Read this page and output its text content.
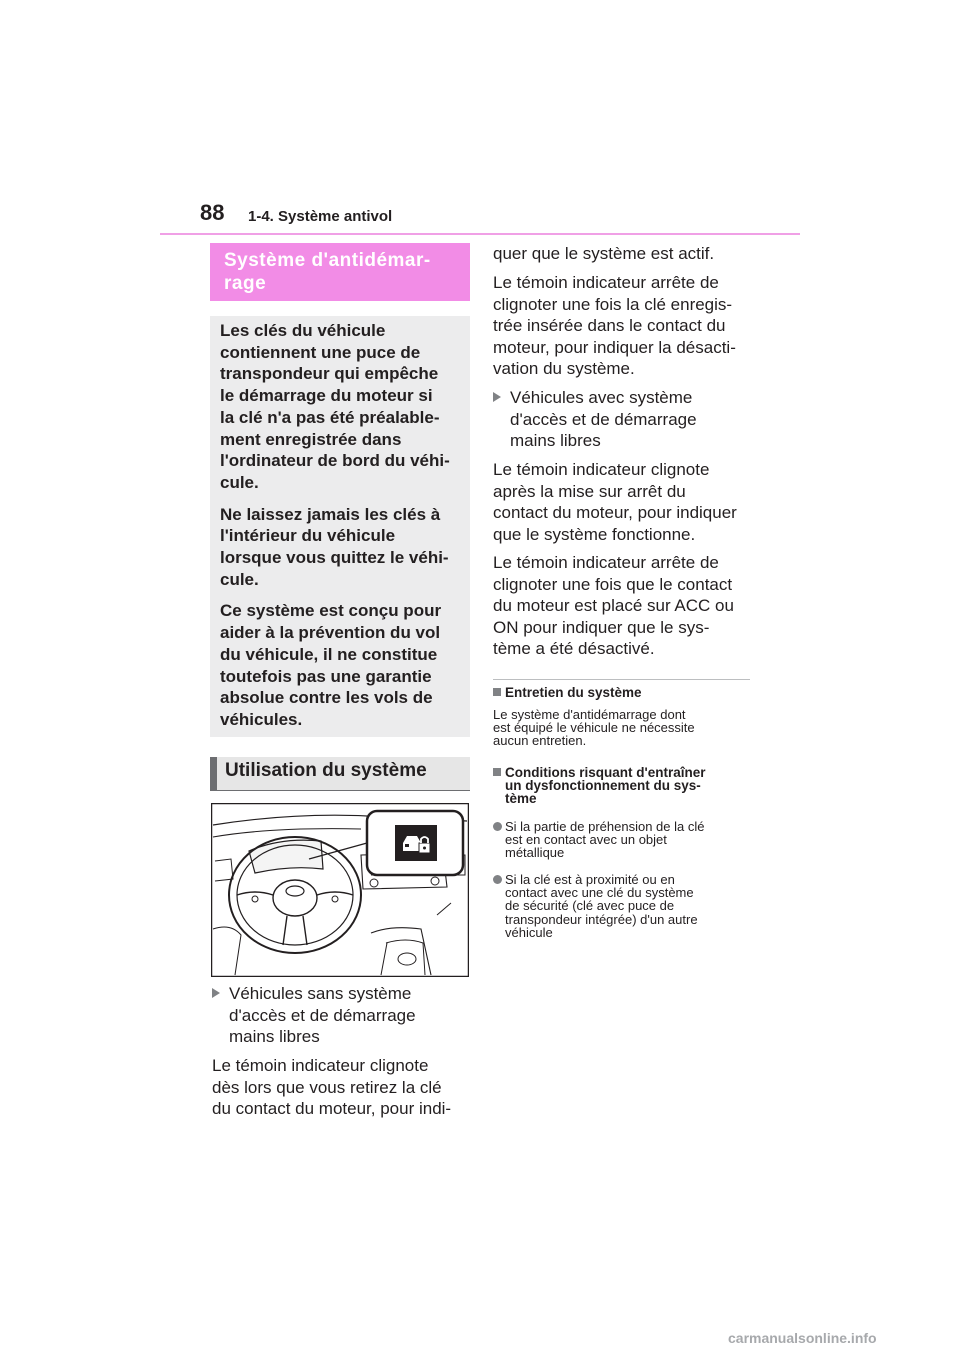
88 1-4. Système antivol
Système d'antidémar-
rage

Les clés du véhicule
contiennent une puce de
transpondeur qui empêche
le démarrage du moteur si
la clé n'a pas été préalable-
ment enregistrée dans
l'ordinateur de bord du véhi-
cule.

Ne laissez jamais les clés à
l'intérieur du véhicule
lorsque vous quittez le véhi-
cule.

Ce système est conçu pour
aider à la prévention du vol
du véhicule, il ne constitue
toutefois pas une garantie
absolue contre les vols de
véhicules.

Utilisation du système
Véhicules sans système
d'accès et de démarrage
mains libres
Le témoin indicateur clignote
dès lors que vous retirez la clé
du contact du moteur, pour indi-
quer que le système est actif.
Le témoin indicateur arrête de
clignoter une fois la clé enregis-
trée insérée dans le contact du
moteur, pour indiquer la désacti-
vation du système.
Véhicules avec système
d'accès et de démarrage
mains libres
Le témoin indicateur clignote
après la mise sur arrêt du
contact du moteur, pour indiquer
que le système fonctionne.
Le témoin indicateur arrête de
clignoter une fois que le contact
du moteur est placé sur ACC ou
ON pour indiquer que le sys-
tème a été désactivé.
Entretien du système
Le système d'antidémarrage dont
est équipé le véhicule ne nécessite
aucun entretien.
Conditions risquant d'entraîner
un dysfonctionnement du sys-
tème
Si la partie de préhension de la clé
est en contact avec un objet
métallique
Si la clé est à proximité ou en
contact avec une clé du système
de sécurité (clé avec puce de
transpondeur intégrée) d'un autre
véhicule
carmanualsonline.info
